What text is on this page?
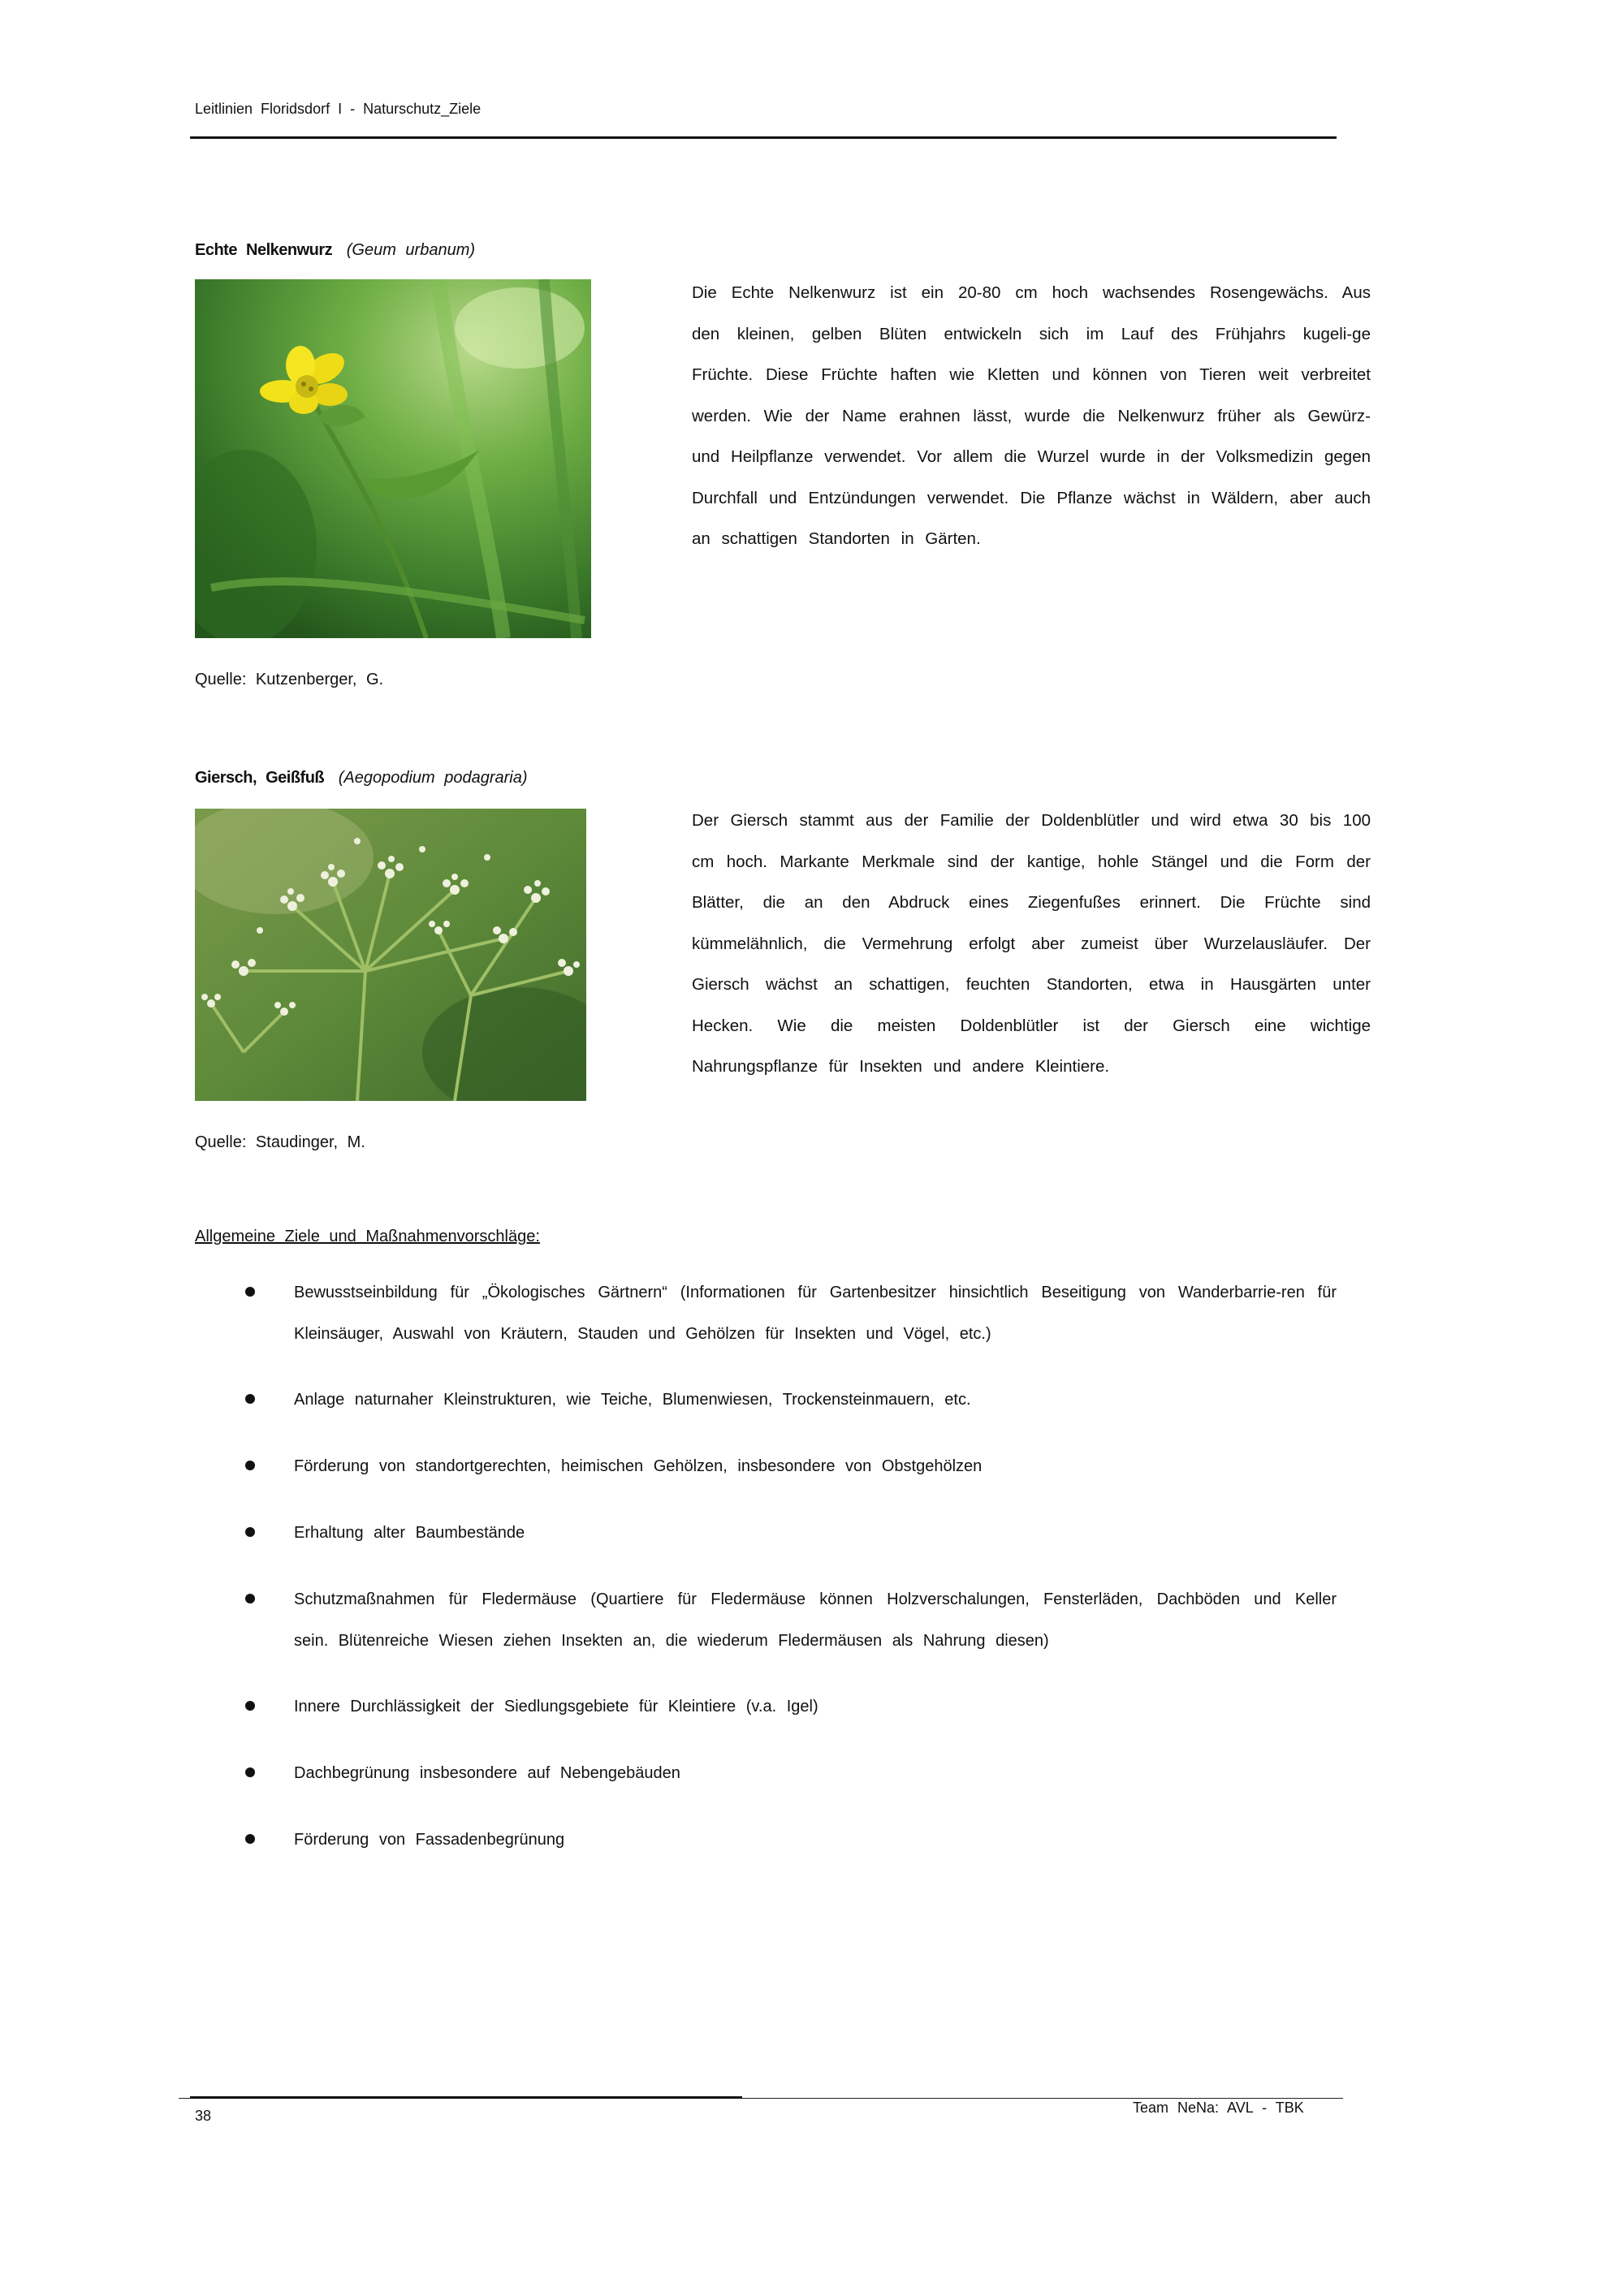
Leitlinien Floridsdorf I - Naturschutz_Ziele
Echte Nelkenwurz (Geum urbanum)
Die Echte Nelkenwurz ist ein 20-80 cm hoch wachsendes Rosengewächs. Aus den kleinen, gelben Blüten entwickeln sich im Lauf des Frühjahrs kugeli-ge Früchte. Diese Früchte haften wie Kletten und können von Tieren weit verbreitet werden. Wie der Name erahnen lässt, wurde die Nelkenwurz früher als Gewürz- und Heilpflanze verwendet. Vor allem die Wurzel wurde in der Volksmedizin gegen Durchfall und Entzündungen verwendet. Die Pflanze wächst in Wäldern, aber auch an schattigen Standorten in Gärten.
Quelle: Kutzenberger, G.
Giersch, Geißfuß (Aegopodium podagraria)
Der Giersch stammt aus der Familie der Doldenblütler und wird etwa 30 bis 100 cm hoch. Markante Merkmale sind der kantige, hohle Stängel und die Form der Blätter, die an den Abdruck eines Ziegenfußes erinnert. Die Früchte sind kümmelähnlich, die Vermehrung erfolgt aber zumeist über Wurzelausläufer. Der Giersch wächst an schattigen, feuchten Standorten, etwa in Hausgärten unter Hecken. Wie die meisten Doldenblütler ist der Giersch eine wichtige Nahrungspflanze für Insekten und andere Kleintiere.
Quelle: Staudinger, M.
Allgemeine Ziele und Maßnahmenvorschläge:
Bewusstseinbildung für „Ökologisches Gärtnern“ (Informationen für Gartenbesitzer hinsichtlich Beseitigung von Wanderbarrie-ren für Kleinsäuger, Auswahl von Kräutern, Stauden und Gehölzen für Insekten und Vögel, etc.)
Anlage naturnaher Kleinstrukturen, wie Teiche, Blumenwiesen, Trockensteinmauern, etc.
Förderung von standortgerechten, heimischen Gehölzen, insbesondere von Obstgehölzen
Erhaltung alter Baumbestände
Schutzmaßnahmen für Fledermäuse (Quartiere für Fledermäuse können Holzverschalungen, Fensterläden, Dachböden und Keller sein. Blütenreiche Wiesen ziehen Insekten an, die wiederum Fledermäusen als Nahrung diesen)
Innere Durchlässigkeit der Siedlungsgebiete für Kleintiere (v.a. Igel)
Dachbegrünung insbesondere auf Nebengebäuden
Förderung von Fassadenbegrünung
38	Team NeNa: AVL - TBK
